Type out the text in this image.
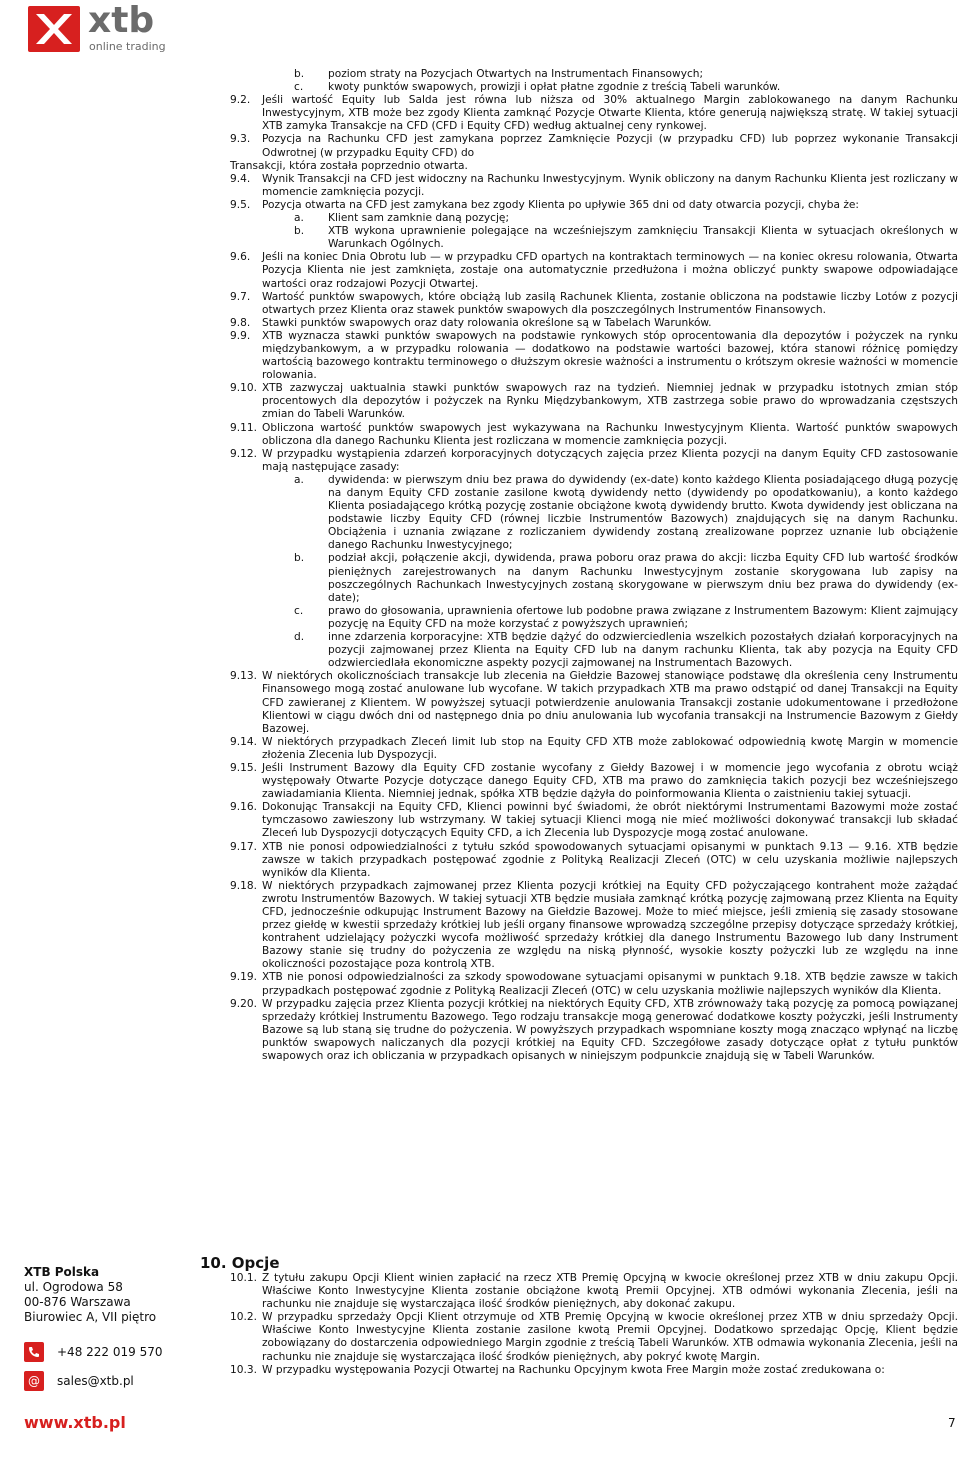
xtb
online trading
b.	poziom straty na Pozycjach Otwartych na Instrumentach Finansowych;
c.	kwoty punktów swapowych, prowizji i opłat płatne zgodnie z treścią Tabeli warunków.
9.2.	Jeśli wartość Equity lub Salda jest równa lub niższa od 30% aktualnego Margin zablokowanego na danym Rachunku Inwestycyjnym, XTB może bez zgody Klienta zamknąć Pozycje Otwarte Klienta, które generują największą stratę. W takiej sytuacji XTB zamyka Transakcje na CFD (CFD i Equity CFD) według aktualnej ceny rynkowej.
9.3.	Pozycja na Rachunku CFD jest zamykana poprzez Zamknięcie Pozycji (w przypadku CFD) lub poprzez wykonanie Transakcji Odwrotnej (w przypadku Equity CFD) do
Transakcji, która została poprzednio otwarta.
9.4.	Wynik Transakcji na CFD jest widoczny na Rachunku Inwestycyjnym. Wynik obliczony na danym Rachunku Klienta jest rozliczany w momencie zamknięcia pozycji.
9.5.	Pozycja otwarta na CFD jest zamykana bez zgody Klienta po upływie 365 dni od daty otwarcia pozycji, chyba że:
a.	Klient sam zamknie daną pozycję;
b.	XTB wykona uprawnienie polegające na wcześniejszym zamknięciu Transakcji Klienta w sytuacjach określonych w Warunkach Ogólnych.
9.6.	Jeśli na koniec Dnia Obrotu lub — w przypadku CFD opartych na kontraktach terminowych — na koniec okresu rolowania, Otwarta Pozycja Klienta nie jest zamknięta, zostaje ona automatycznie przedłużona i można obliczyć punkty swapowe odpowiadające wartości oraz rodzajowi Pozycji Otwartej.
9.7.	Wartość punktów swapowych, które obciążą lub zasilą Rachunek Klienta, zostanie obliczona na podstawie liczby Lotów z pozycji otwartych przez Klienta oraz stawek punktów swapowych dla poszczególnych Instrumentów Finansowych.
9.8.	Stawki punktów swapowych oraz daty rolowania określone są w Tabelach Warunków.
9.9.	XTB wyznacza stawki punktów swapowych na podstawie rynkowych stóp oprocentowania dla depozytów i pożyczek na rynku międzybankowym, a w przypadku rolowania — dodatkowo na podstawie wartości bazowej, która stanowi różnicę pomiędzy wartością bazowego kontraktu terminowego o dłuższym okresie ważności a instrumentu o krótszym okresie ważności w momencie rolowania.
9.10. XTB zazwyczaj uaktualnia stawki punktów swapowych raz na tydzień. Niemniej jednak w przypadku istotnych zmian stóp procentowych dla depozytów i pożyczek na Rynku Międzybankowym, XTB zastrzega sobie prawo do wprowadzania częstszych zmian do Tabeli Warunków.
9.11. Obliczona wartość punktów swapowych jest wykazywana na Rachunku Inwestycyjnym Klienta. Wartość punktów swapowych obliczona dla danego Rachunku Klienta jest rozliczana w momencie zamknięcia pozycji.
9.12. W przypadku wystąpienia zdarzeń korporacyjnych dotyczących zajęcia przez Klienta pozycji na danym Equity CFD zastosowanie mają następujące zasady:
a.	dywidenda: w pierwszym dniu bez prawa do dywidendy (ex-date) konto każdego Klienta posiadającego długą pozycję na danym Equity CFD zostanie zasilone kwotą dywidendy netto (dywidendy po opodatkowaniu), a konto każdego Klienta posiadającego krótką pozycję zostanie obciążone kwotą dywidendy brutto. Kwota dywidendy jest obliczana na podstawie liczby Equity CFD (równej liczbie Instrumentów Bazowych) znajdujących się na danym Rachunku. Obciążenia i uznania związane z rozliczaniem dywidendy zostaną zrealizowane poprzez uznanie lub obciążenie danego Rachunku Inwestycyjnego;
b.	podział akcji, połączenie akcji, dywidenda, prawa poboru oraz prawa do akcji: liczba Equity CFD lub wartość środków pieniężnych zarejestrowanych na danym Rachunku Inwestycyjnym zostanie skorygowana lub zapisy na poszczególnych Rachunkach Inwestycyjnych zostaną skorygowane w pierwszym dniu bez prawa do dywidendy (ex-date);
c.	prawo do głosowania, uprawnienia ofertowe lub podobne prawa związane z Instrumentem Bazowym: Klient zajmujący pozycję na Equity CFD na może korzystać z powyższych uprawnień;
d.	inne zdarzenia korporacyjne: XTB będzie dążyć do odzwierciedlenia wszelkich pozostałych działań korporacyjnych na pozycji zajmowanej przez Klienta na Equity CFD lub na danym rachunku Klienta, tak aby pozycja na Equity CFD odzwierciedlała ekonomiczne aspekty pozycji zajmowanej na Instrumentach Bazowych.
9.13. W niektórych okolicznościach transakcje lub zlecenia na Giełdzie Bazowej stanowiące podstawę dla określenia ceny Instrumentu Finansowego mogą zostać anulowane lub wycofane. W takich przypadkach XTB ma prawo odstąpić od danej Transakcji na Equity CFD zawieranej z Klientem. W powyższej sytuacji potwierdzenie anulowania Transakcji zostanie udokumentowane i przedłożone Klientowi w ciągu dwóch dni od następnego dnia po dniu anulowania lub wycofania transakcji na Instrumencie Bazowym z Giełdy Bazowej.
9.14. W niektórych przypadkach Zleceń limit lub stop na Equity CFD XTB może zablokować odpowiednią kwotę Margin w momencie złożenia Zlecenia lub Dyspozycji.
9.15. Jeśli Instrument Bazowy dla Equity CFD zostanie wycofany z Giełdy Bazowej i w momencie jego wycofania z obrotu wciąż występowały Otwarte Pozycje dotyczące danego Equity CFD, XTB ma prawo do zamknięcia takich pozycji bez wcześniejszego zawiadamiania Klienta. Niemniej jednak, spółka XTB będzie dążyła do poinformowania Klienta o zaistnieniu takiej sytuacji.
9.16. Dokonując Transakcji na Equity CFD, Klienci powinni być świadomi, że obrót niektórymi Instrumentami Bazowymi może zostać tymczasowo zawieszony lub wstrzymany. W takiej sytuacji Klienci mogą nie mieć możliwości dokonywać transakcji lub składać Zleceń lub Dyspozycji dotyczących Equity CFD, a ich Zlecenia lub Dyspozycje mogą zostać anulowane.
9.17. XTB nie ponosi odpowiedzialności z tytułu szkód spowodowanych sytuacjami opisanymi w punktach 9.13 — 9.16. XTB będzie zawsze w takich przypadkach postępować zgodnie z Polityką Realizacji Zleceń (OTC) w celu uzyskania możliwie najlepszych wyników dla Klienta.
9.18. W niektórych przypadkach zajmowanej przez Klienta pozycji krótkiej na Equity CFD pożyczającego kontrahent może zażądać zwrotu Instrumentów Bazowych. W takiej sytuacji XTB będzie musiała zamknąć krótką pozycję zajmowaną przez Klienta na Equity CFD, jednocześnie odkupując Instrument Bazowy na Giełdzie Bazowej. Może to mieć miejsce, jeśli zmienią się zasady stosowane przez giełdę w kwestii sprzedaży krótkiej lub jeśli organy finansowe wprowadzą szczególne przepisy dotyczące sprzedaży krótkiej, kontrahent udzielający pożyczki wycofa możliwość sprzedaży krótkiej dla danego Instrumentu Bazowego lub dany Instrument Bazowy stanie się trudny do pożyczenia ze względu na niską płynność, wysokie koszty pożyczki lub ze względu na inne okoliczności pozostające poza kontrolą XTB.
9.19. XTB nie ponosi odpowiedzialności za szkody spowodowane sytuacjami opisanymi w punktach 9.18. XTB będzie zawsze w takich przypadkach postępować zgodnie z Polityką Realizacji Zleceń (OTC) w celu uzyskania możliwie najlepszych wyników dla Klienta.
9.20. W przypadku zajęcia przez Klienta pozycji krótkiej na niektórych Equity CFD, XTB zrównoważy taką pozycję za pomocą powiązanej sprzedaży krótkiej Instrumentu Bazowego. Tego rodzaju transakcje mogą generować dodatkowe koszty pożyczki, jeśli Instrumenty Bazowe są lub staną się trudne do pożyczenia. W powyższych przypadkach wspomniane koszty mogą znacząco wpłynąć na liczbę punktów swapowych naliczanych dla pozycji krótkiej na Equity CFD. Szczegółowe zasady dotyczące opłat z tytułu punktów swapowych oraz ich obliczania w przypadkach opisanych w niniejszym podpunkcie znajdują się w Tabeli Warunków.
10. Opcje
10.1. Z tytułu zakupu Opcji Klient winien zapłacić na rzecz XTB Premię Opcyjną w kwocie określonej przez XTB w dniu zakupu Opcji. Właściwe Konto Inwestycyjne Klienta zostanie obciążone kwotą Premii Opcyjnej. XTB odmówi wykonania Zlecenia, jeśli na rachunku nie znajduje się wystarczająca ilość środków pieniężnych, aby dokonać zakupu.
10.2. W przypadku sprzedaży Opcji Klient otrzymuje od XTB Premię Opcyjną w kwocie określonej przez XTB w dniu sprzedaży Opcji. Właściwe Konto Inwestycyjne Klienta zostanie zasilone kwotą Premii Opcyjnej. Dodatkowo sprzedając Opcję, Klient będzie zobowiązany do dostarczenia odpowiedniego Margin zgodnie z treścią Tabeli Warunków. XTB odmawia wykonania Zlecenia, jeśli na rachunku nie znajduje się wystarczająca ilość środków pieniężnych, aby pokryć kwotę Margin.
10.3. W przypadku występowania Pozycji Otwartej na Rachunku Opcyjnym kwota Free Margin może zostać zredukowana o:
XTB Polska
ul. Ogrodowa 58
00-876 Warszawa
Biurowiec A, VII piętro
+48 222 019 570
@	sales@xtb.pl
www.xtb.pl	7
